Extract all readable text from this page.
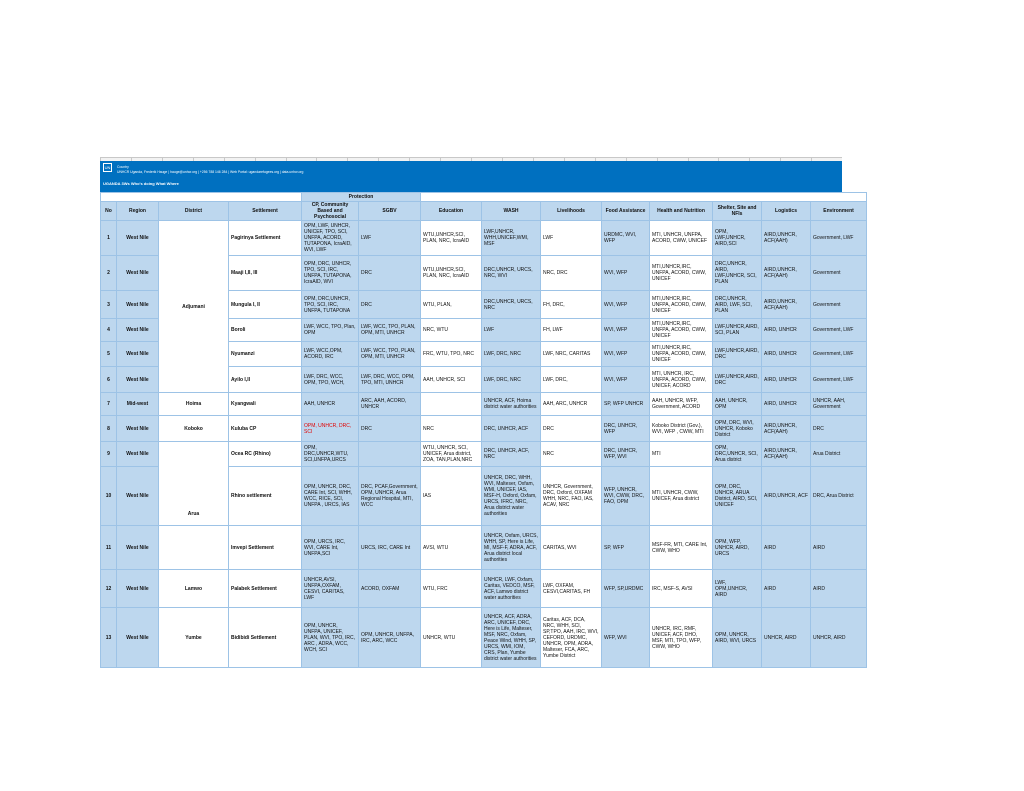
UN	Country
UNHCR Uganda, Frederik Hauge | hauge@unhcr.org | +256 788 146 284 | Web Portal: ugandarefugees.org | data.unhcr.org
UGANDA 3Ws Who's doing What Where
				Protection									
No	Region	District	Settlement	CP, Community Based and Psychosocial	SGBV	Education	WASH	Livelihoods	Food Assistance	Health and Nutrition	Shelter, Site and NFIs	Logistics	Environment
1	West Nile	Adjumani	Pagirinya Settlement	OPM, LWF, UNHCR, UNICEF, TPO, SCI, UNFPA, ACORD, TUTAPONA, IcraAID, WVI, LWF	LWF	WTU,UNHCR,SCI, PLAN, NRC, IcraAID	LWF,UNHCR, WHH,UNICEF,WMI, MSF	LWF	URDMC, WVI, WFP	MTI, UNHCR, UNFPA, ACORD, CWW, UNICEF	OPM, LWF,UNHCR, AIRD,SCI	AIRD,UNHCR, ACF(AAH)	Government, LWF
2	West Nile		Maaji I,II, III	OPM, DRC, UNHCR, TPO, SCI, IRC, UNFPA, TUTAPONA, IcraAID, WVI	DRC	WTU,UNHCR,SCI, PLAN, NRC, IcraAID	DRC,UNHCR, URCS, NRC, WVI	NRC, DRC	WVI, WFP	MTI,UNHCR,IRC, UNFPA, ACORD, CWW, UNICEF	DRC,UNHCR, AIRD, LWF,UNHCR, SCI, PLAN	AIRD,UNHCR, ACF(AAH)	Government
3	West Nile		Mungula I, II	OPM, DRC,UNHCR, TPO, SCI, IRC, UNFPA, TUTAPONA	DRC	WTU, PLAN,	DRC,UNHCR, URCS, NRC	FH, DRC,	WVI, WFP	MTI,UNHCR,IRC, UNFPA, ACORD, CWW, UNICEF	DRC,UNHCR, AIRD, LWF, SCI, PLAN	AIRD,UNHCR, ACF(AAH)	Government
4	West Nile		Boroli	LWF, WCC, TPO, Plan, OPM	LWF, WCC, TPO, PLAN, OPM, MTI, UNHCR	NRC, WTU	LWF	FH, LWF	WVI, WFP	MTI,UNHCR,IRC, UNFPA, ACORD, CWW, UNICEF	LWF,UNHCR,AIRD, SCI, PLAN	AIRD, UNHCR	Government, LWF
5	West Nile		Nyumanzi	LWF, WCC,OPM, ACORD, IRC	LWF, WCC, TPO, PLAN, OPM, MTI, UNHCR	FRC, WTU, TPO, NRC	LWF, DRC, NRC	LWF, NRC, CARITAS	WVI, WFP	MTI,UNHCR,IRC, UNFPA, ACORD, CWW, UNICEF	LWF,UNHCR,AIRD, DRC	AIRD, UNHCR	Government, LWF
6	West Nile		Ayilo I,II	LWF, DRC, WCC, OPM, TPO, WCH,	LWF, DRC, WCC, OPM, TPO, MTI, UNHCR	AAH, UNHCR, SCI	LWF, DRC, NRC	LWF, DRC,	WVI, WFP	MTI, UNHCR, IRC, UNFPA, ACORD, CWW, UNICEF, ACORD	LWF,UNHCR,AIRD, DRC	AIRD, UNHCR	Government, LWF
7	Mid-west	Hoima	Kyangwali	AAH, UNHCR	ARC, AAH, ACORD, UNHCR		UNHCR, ACF, Hoima district water authorities	AAH, ARC, UNHCR	SP, WFP UNHCR	AAH, UNHCR, WFP, Government, ACORD	AAH, UNHCR, OPM	AIRD, UNHCR	UNHCR, AAH, Government
8	West Nile	Koboko	Kuluba CP	OPM, UNHCR, DRC, SCI	DRC	NRC	DRC, UNHCR, ACF	DRC	DRC, UNHCR, WFP	Koboko District (Gov.), WVI, WFP , CWW, MTI	OPM, DRC, WVI, UNHCR, Koboko District	AIRD,UNHCR, ACF(AAH)	DRC
9	West Nile	Arua	Ocea RC (Rhino)	OPM, DRC,UNHCR,WTU, SCI,UNFPA,URCS		WTU, UNHCR, SCI, UNICEF, Arua district, ZOA, TAN,PLAN,NRC	DRC, UNHCR, ACF, NRC	NRC	DRC, UNHCR, WFP, WVI	MTI	OPM, DRC,UNHCR, SCI, Arua district	AIRD,UNHCR, ACF(AAH)	Arua District
10	West Nile		Rhino settlement	OPM, UNHCR, DRC, CARE Int, SCI, WHH, WCC, RICE, SCI, UNFPA , URCS, IAS	DRC, PCAF,Government, OPM, UNHCR, Arua Regional Hospital, MTI, WCC	IAS	UNHCR, DRC, WHH, WVI, Malteser, Oxfam, WMI, UNICEF, IAS, MSF-H, Oxford, Oxfam, URCS, IFRC, NRC, Arua district water authorities	UNHCR, Government, DRC, Oxford, OXFAM WHH, NRC, FAO, IAS, ACAV, NRC	WFP, UNHCR, WVI, CWW, DRC, FAO, OPM	MTI, UNHCR, CWW, UNICEF, Arua district	OPM, DRC, UNHCR, ARUA District, AIRD, SCI, UNICEF	AIRD,UNHCR, ACF	DRC, Arua District
11	West Nile		Imvepi Settlement	OPM, URCS, IRC, WVI, CARE Int, UNFPA,SCI	URCS, IRC, CARE Int	AVSI, WTU	UNHCR, Oxfam, URCS, WHH, SP, Here is Life, MI, MSF-F, ADRA, ACF, Arua district local authorities	CARITAS, WVI	SP, WFP	MSF-FR, MTI, CARE Int, CWW, WHO	OPM, WFP, UNHCR, AIRD, URCS	AIRD	AIRD
12	West Nile	Lamwo	Palabek Settlement	UNHCR,AVSI, UNFPA,OXFAM, CESVI, CARITAS, LWF	ACORD, OXFAM	WTU, FRC	UNHCR, LWF, Oxfam, Caritas, VEDCO, MSF, ACF, Lamwo district water authorities	LWF, OXFAM, CESVI,CARITAS, FH	WFP, SP,URDMC	IRC, MSF-S, AVSI	LWF, OPM,UNHCR, AIRD	AIRD	AIRD
13	West Nile	Yumbe	Bidibidi Settlement	OPM, UNHCR, UNFPA, UNICEF, PLAN, WVI, TPO, IRC, ARC , ADRA, WCC, WCH, SCI	OPM, UNHCR, UNFPA, IRC, ARC, WCC	UNHCR, WTU	UNHCR, ACF, ADRA, ARC, UNICEF, DRC, Here is Life, Malteser, MSF, NRC, Oxfam, Peace Wind, WHH, SP, URCS, WMI, IOM, CRS, Plan, Yumbe district water authorities	Caritas, ACF, DCA, NRC, WHH, SCI, SP,TPO, AAH, IRC, WVI, CEFORD, URDMC, UNHCR, OPM, ADRA, Malteser, FCA, ARC, Yumbe District	WFP, WVI	UNHCR, IRC, RMF, UNICEF, ACF, DHO, MSF, MTI, TPO, WFP, CWW, WHO	OPM, UNHCR, AIRD, WVI, URCS	UNHCR, AIRD	UNHCR, AIRD
